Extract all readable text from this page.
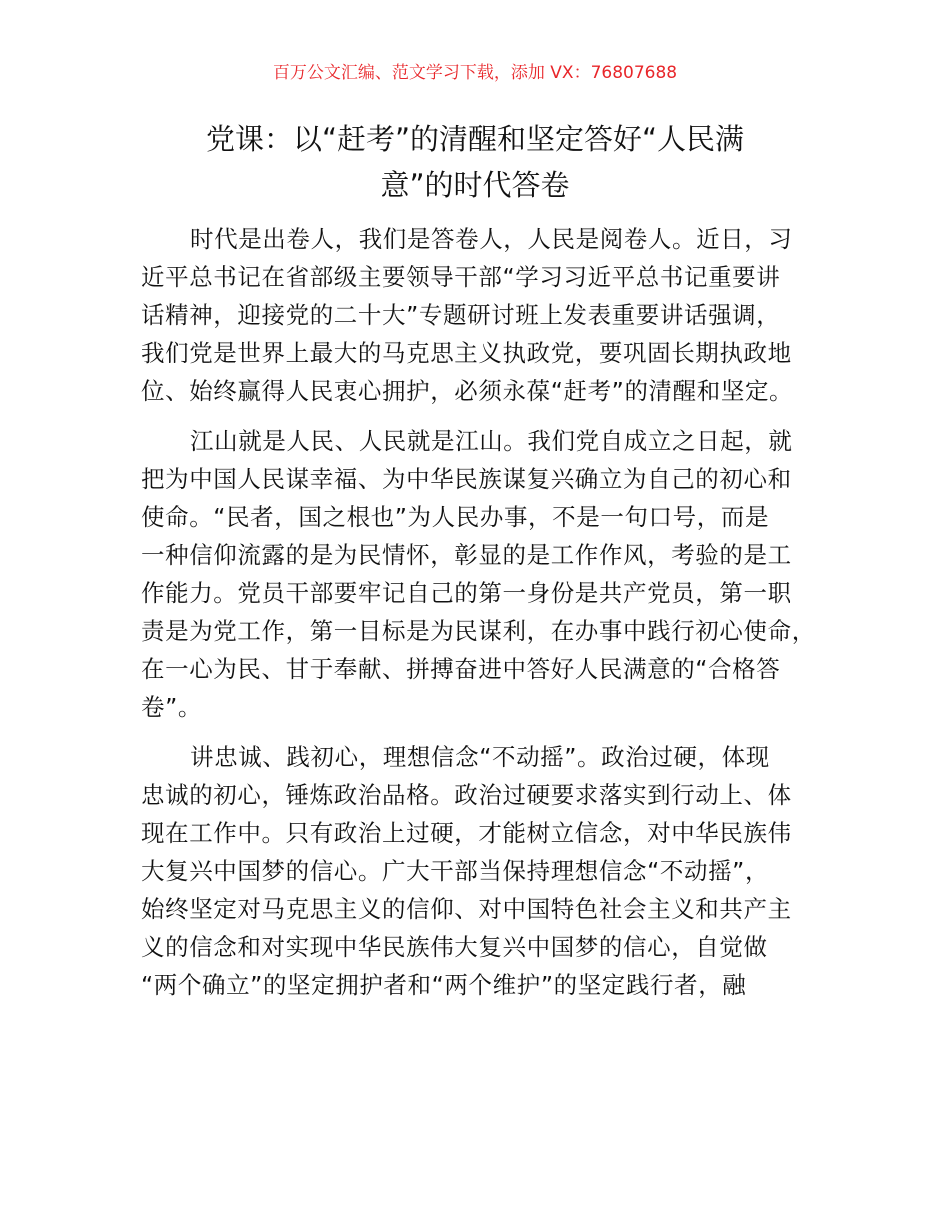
百万公文汇编、范文学习下载，添加 VX：76807688
党课：以“赶考”的清醒和坚定答好“人民满
意”的时代答卷
时代是出卷人，我们是答卷人，人民是阅卷人。近日，习
近平总书记在省部级主要领导干部“学习习近平总书记重要讲
话精神，迎接党的二十大”专题研讨班上发表重要讲话强调，
我们党是世界上最大的马克思主义执政党，要巩固长期执政地
位、始终赢得人民衷心拥护，必须永葆“赶考”的清醒和坚定。
江山就是人民、人民就是江山。我们党自成立之日起，就
把为中国人民谋幸福、为中华民族谋复兴确立为自己的初心和
使命。“民者，国之根也”为人民办事，不是一句口号，而是
一种信仰流露的是为民情怀，彰显的是工作作风，考验的是工
作能力。党员干部要牢记自己的第一身份是共产党员，第一职
责是为党工作，第一目标是为民谋利，在办事中践行初心使命，
在一心为民、甘于奉献、拼搏奋进中答好人民满意的“合格答
卷”。
讲忠诚、践初心，理想信念“不动摇”。政治过硬，体现
忠诚的初心，锤炼政治品格。政治过硬要求落实到行动上、体
现在工作中。只有政治上过硬，才能树立信念，对中华民族伟
大复兴中国梦的信心。广大干部当保持理想信念“不动摇”，
始终坚定对马克思主义的信仰、对中国特色社会主义和共产主
义的信念和对实现中华民族伟大复兴中国梦的信心，自觉做
“两个确立”的坚定拥护者和“两个维护”的坚定践行者，融
